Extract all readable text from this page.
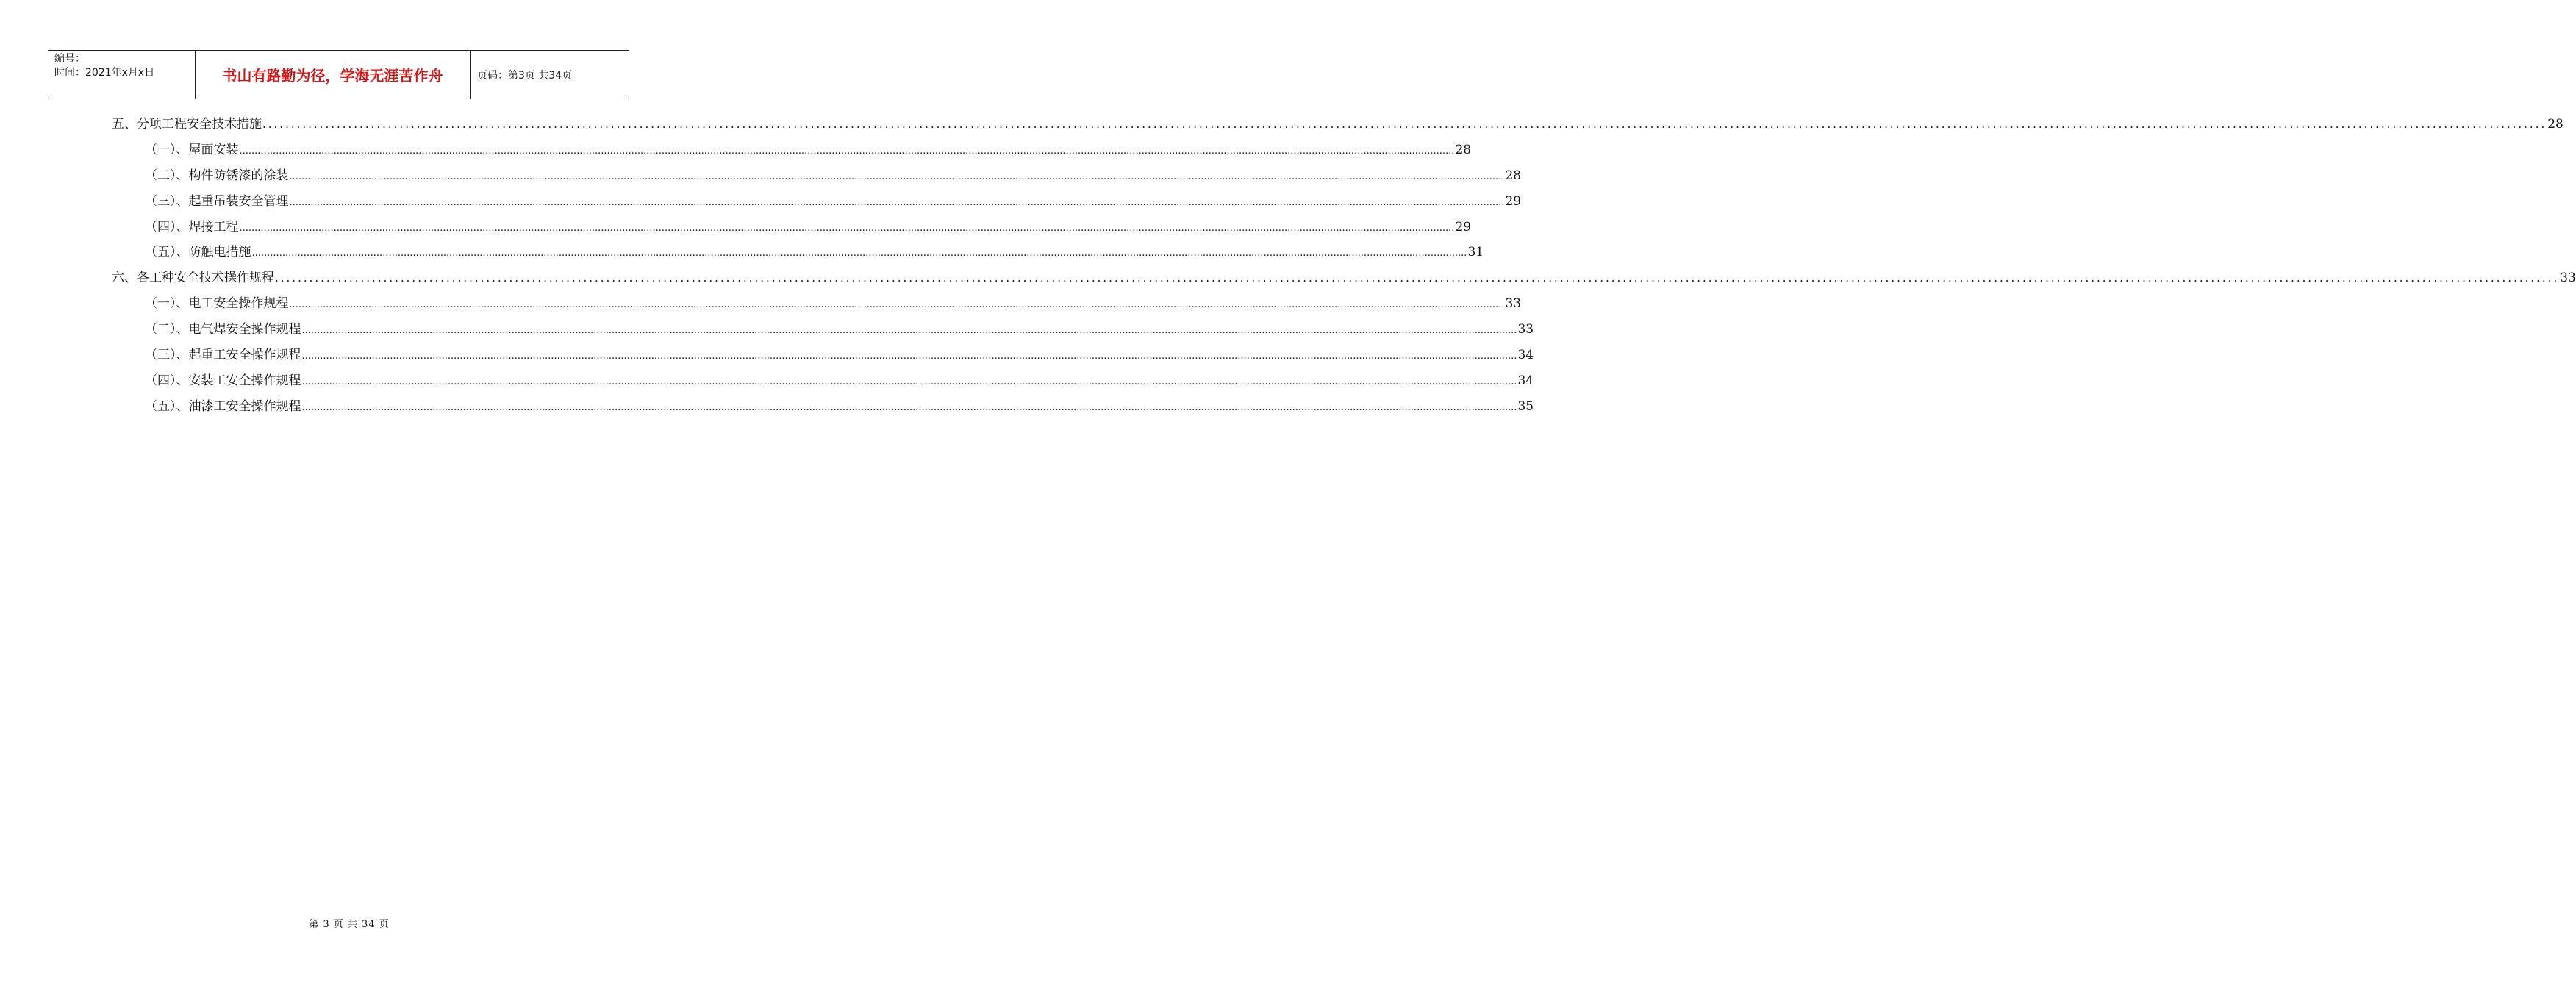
编号：
时间：2021年x月x日	书山有路勤为径，学海无涯苦作舟	页码：第3页 共34页
五、分项工程安全技术措施 ................................................................................................................................................................................................................................................................................................................................................................................................................ 28
（一）、屋面安装 ................................................................................................................................................................................................................................................................................................................................................................................................................ 28
（二）、构件防锈漆的涂装 ................................................................................................................................................................................................................................................................................................................................................................................................................ 28
（三）、起重吊装安全管理 ................................................................................................................................................................................................................................................................................................................................................................................................................ 29
（四）、焊接工程 ................................................................................................................................................................................................................................................................................................................................................................................................................ 29
（五）、防触电措施 ................................................................................................................................................................................................................................................................................................................................................................................................................ 31
六、各工种安全技术操作规程 ................................................................................................................................................................................................................................................................................................................................................................................................................ 33
（一）、电工安全操作规程 ................................................................................................................................................................................................................................................................................................................................................................................................................ 33
（二）、电气焊安全操作规程 ................................................................................................................................................................................................................................................................................................................................................................................................................ 33
（三）、起重工安全操作规程 ................................................................................................................................................................................................................................................................................................................................................................................................................ 34
（四）、安装工安全操作规程 ................................................................................................................................................................................................................................................................................................................................................................................................................ 34
（五）、油漆工安全操作规程 ................................................................................................................................................................................................................................................................................................................................................................................................................ 35
第 3 页 共 34 页
